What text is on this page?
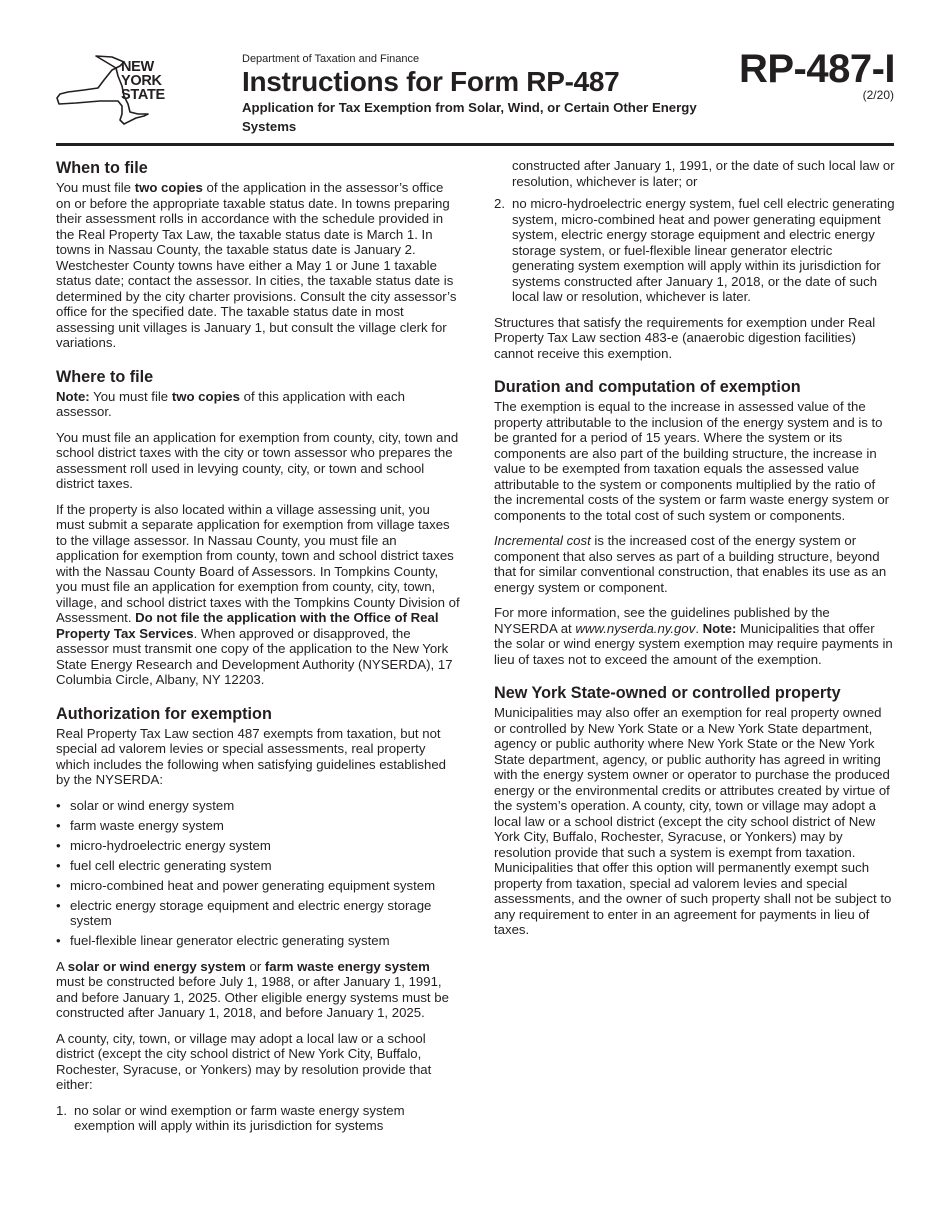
NEW
YORK
STATE
Department of Taxation and Finance
Instructions for Form RP-487
Application for Tax Exemption from Solar, Wind, or Certain Other Energy Systems
RP-487-I
(2/20)
When to file

You must file two copies of the application in the assessor’s office on or before the appropriate taxable status date. In towns preparing their assessment rolls in accordance with the schedule provided in the Real Property Tax Law, the taxable status date is March 1. In towns in Nassau County, the taxable status date is January 2. Westchester County towns have either a May 1 or June 1 taxable status date; contact the assessor. In cities, the taxable status date is determined by the city charter provisions. Consult the city assessor’s office for the specified date. The taxable status date in most assessing unit villages is January 1, but consult the village clerk for variations.

Where to file

Note: You must file two copies of this application with each assessor.

You must file an application for exemption from county, city, town and school district taxes with the city or town assessor who prepares the assessment roll used in levying county, city, or town and school district taxes.

If the property is also located within a village assessing unit, you must submit a separate application for exemption from village taxes to the village assessor. In Nassau County, you must file an application for exemption from county, town and school district taxes with the Nassau County Board of Assessors. In Tompkins County, you must file an application for exemption from county, city, town, village, and school district taxes with the Tompkins County Division of Assessment. Do not file the application with the Office of Real Property Tax Services. When approved or disapproved, the assessor must transmit one copy of the application to the New York State Energy Research and Development Authority (NYSERDA), 17 Columbia Circle, Albany, NY 12203.

Authorization for exemption

Real Property Tax Law section 487 exempts from taxation, but not special ad valorem levies or special assessments, real property which includes the following when satisfying guidelines established by the NYSERDA:

• solar or wind energy system
• farm waste energy system
• micro-hydroelectric energy system
• fuel cell electric generating system
• micro-combined heat and power generating equipment system
• electric energy storage equipment and electric energy storage system
• fuel-flexible linear generator electric generating system

A solar or wind energy system or farm waste energy system must be constructed before July 1, 1988, or after January 1, 1991, and before January 1, 2025. Other eligible energy systems must be constructed after January 1, 2018, and before January 1, 2025.

A county, city, town, or village may adopt a local law or a school district (except the city school district of New York City, Buffalo, Rochester, Syracuse, or Yonkers) may by resolution provide that either:

1. no solar or wind exemption or farm waste energy system exemption will apply within its jurisdiction for systems
constructed after January 1, 1991, or the date of such local law or resolution, whichever is later; or
2. no micro-hydroelectric energy system, fuel cell electric generating system, micro-combined heat and power generating equipment system, electric energy storage equipment and electric energy storage system, or fuel-flexible linear generator electric generating system exemption will apply within its jurisdiction for systems constructed after January 1, 2018, or the date of such local law or resolution, whichever is later.

Structures that satisfy the requirements for exemption under Real Property Tax Law section 483-e (anaerobic digestion facilities) cannot receive this exemption.

Duration and computation of exemption

The exemption is equal to the increase in assessed value of the property attributable to the inclusion of the energy system and is to be granted for a period of 15 years. Where the system or its components are also part of the building structure, the increase in value to be exempted from taxation equals the assessed value attributable to the system or components multiplied by the ratio of the incremental costs of the system or farm waste energy system or components to the total cost of such system or components.

Incremental cost is the increased cost of the energy system or component that also serves as part of a building structure, beyond that for similar conventional construction, that enables its use as an energy system or component.

For more information, see the guidelines published by the NYSERDA at www.nyserda.ny.gov. Note: Municipalities that offer the solar or wind energy system exemption may require payments in lieu of taxes not to exceed the amount of the exemption.

New York State-owned or controlled property

Municipalities may also offer an exemption for real property owned or controlled by New York State or a New York State department, agency or public authority where New York State or the New York State department, agency, or public authority has agreed in writing with the energy system owner or operator to purchase the produced energy or the environmental credits or attributes created by virtue of the system’s operation. A county, city, town or village may adopt a local law or a school district (except the city school district of New York City, Buffalo, Rochester, Syracuse, or Yonkers) may by resolution provide that such a system is exempt from taxation. Municipalities that offer this option will permanently exempt such property from taxation, special ad valorem levies and special assessments, and the owner of such property shall not be subject to any requirement to enter in an agreement for payments in lieu of taxes.
